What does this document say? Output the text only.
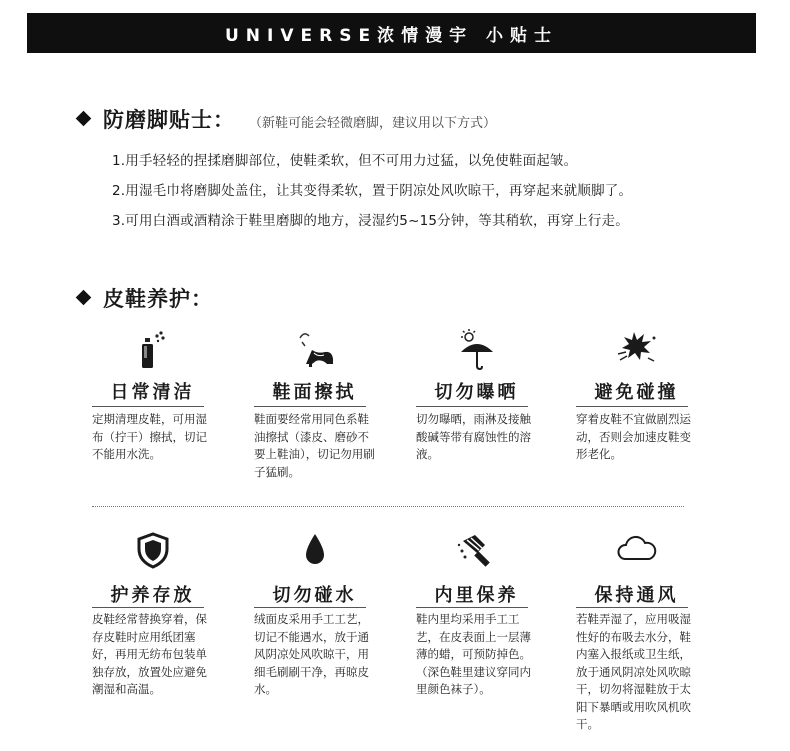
UNIVERSE浓情漫宇 小贴士
防磨脚贴士： （新鞋可能会轻微磨脚，建议用以下方式）
1.用手轻轻的捏揉磨脚部位，使鞋柔软，但不可用力过猛，以免使鞋面起皱。
2.用湿毛巾将磨脚处盖住，让其变得柔软，置于阴凉处风吹晾干，再穿起来就顺脚了。
3.可用白酒或酒精涂于鞋里磨脚的地方，浸湿约5~15分钟，等其稍软，再穿上行走。
皮鞋养护：
日常清洁
定期清理皮鞋，可用湿布（拧干）擦拭，切记不能用水洗。
鞋面擦拭
鞋面要经常用同色系鞋油擦拭（漆皮、磨砂不要上鞋油），切记勿用刷子猛刷。
切勿曝晒
切勿曝晒，雨淋及接触酸碱等带有腐蚀性的溶液。
避免碰撞
穿着皮鞋不宜做剧烈运动，否则会加速皮鞋变形老化。
护养存放
皮鞋经常替换穿着，保存皮鞋时应用纸团塞好，再用无纺布包装单独存放，放置处应避免潮湿和高温。
切勿碰水
绒面皮采用手工工艺，切记不能遇水，放于通风阴凉处风吹晾干，用细毛刷刷干净，再晾皮水。
内里保养
鞋内里均采用手工工艺，在皮表面上一层薄薄的蜡，可预防掉色。（深色鞋里建议穿同内里颜色袜子）。
保持通风
若鞋弄湿了，应用吸湿性好的布吸去水分，鞋内塞入报纸或卫生纸，放于通风阴凉处风吹晾干，切勿将湿鞋放于太阳下暴晒或用吹风机吹干。
